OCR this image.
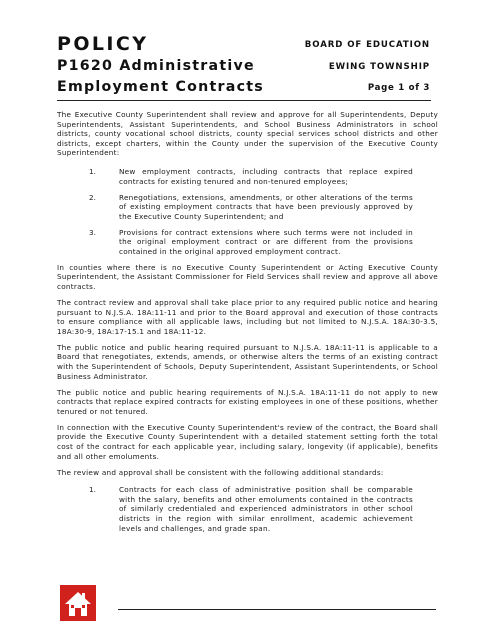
POLICY
P1620 Administrative
Employment Contracts
BOARD OF EDUCATION
EWING TOWNSHIP
Page 1 of 3

The Executive County Superintendent shall review and approve for all Superintendents, Deputy Superintendents, Assistant Superintendents, and School Business Administrators in school districts, county vocational school districts, county special services school districts and other districts, except charters, within the County under the supervision of the Executive County Superintendent:

1.	New employment contracts, including contracts that replace expired contracts for existing tenured and non-tenured employees;
2.	Renegotiations, extensions, amendments, or other alterations of the terms of existing employment contracts that have been previously approved by the Executive County Superintendent; and
3.	Provisions for contract extensions where such terms were not included in the original employment contract or are different from the provisions contained in the original approved employment contract.

In counties where there is no Executive County Superintendent or Acting Executive County Superintendent, the Assistant Commissioner for Field Services shall review and approve all above contracts.

The contract review and approval shall take place prior to any required public notice and hearing pursuant to N.J.S.A. 18A:11-11 and prior to the Board approval and execution of those contracts to ensure compliance with all applicable laws, including but not limited to N.J.S.A. 18A:30-3.5, 18A:30-9, 18A:17-15.1 and 18A:11-12.

The public notice and public hearing required pursuant to N.J.S.A. 18A:11-11 is applicable to a Board that renegotiates, extends, amends, or otherwise alters the terms of an existing contract with the Superintendent of Schools, Deputy Superintendent, Assistant Superintendents, or School Business Administrator.

The public notice and public hearing requirements of N.J.S.A. 18A:11-11 do not apply to new contracts that replace expired contracts for existing employees in one of these positions, whether tenured or not tenured.

In connection with the Executive County Superintendent's review of the contract, the Board shall provide the Executive County Superintendent with a detailed statement setting forth the total cost of the contract for each applicable year, including salary, longevity (if applicable), benefits and all other emoluments.

The review and approval shall be consistent with the following additional standards:

1.	Contracts for each class of administrative position shall be comparable with the salary, benefits and other emoluments contained in the contracts of similarly credentialed and experienced administrators in other school districts in the region with similar enrollment, academic achievement levels and challenges, and grade span.
